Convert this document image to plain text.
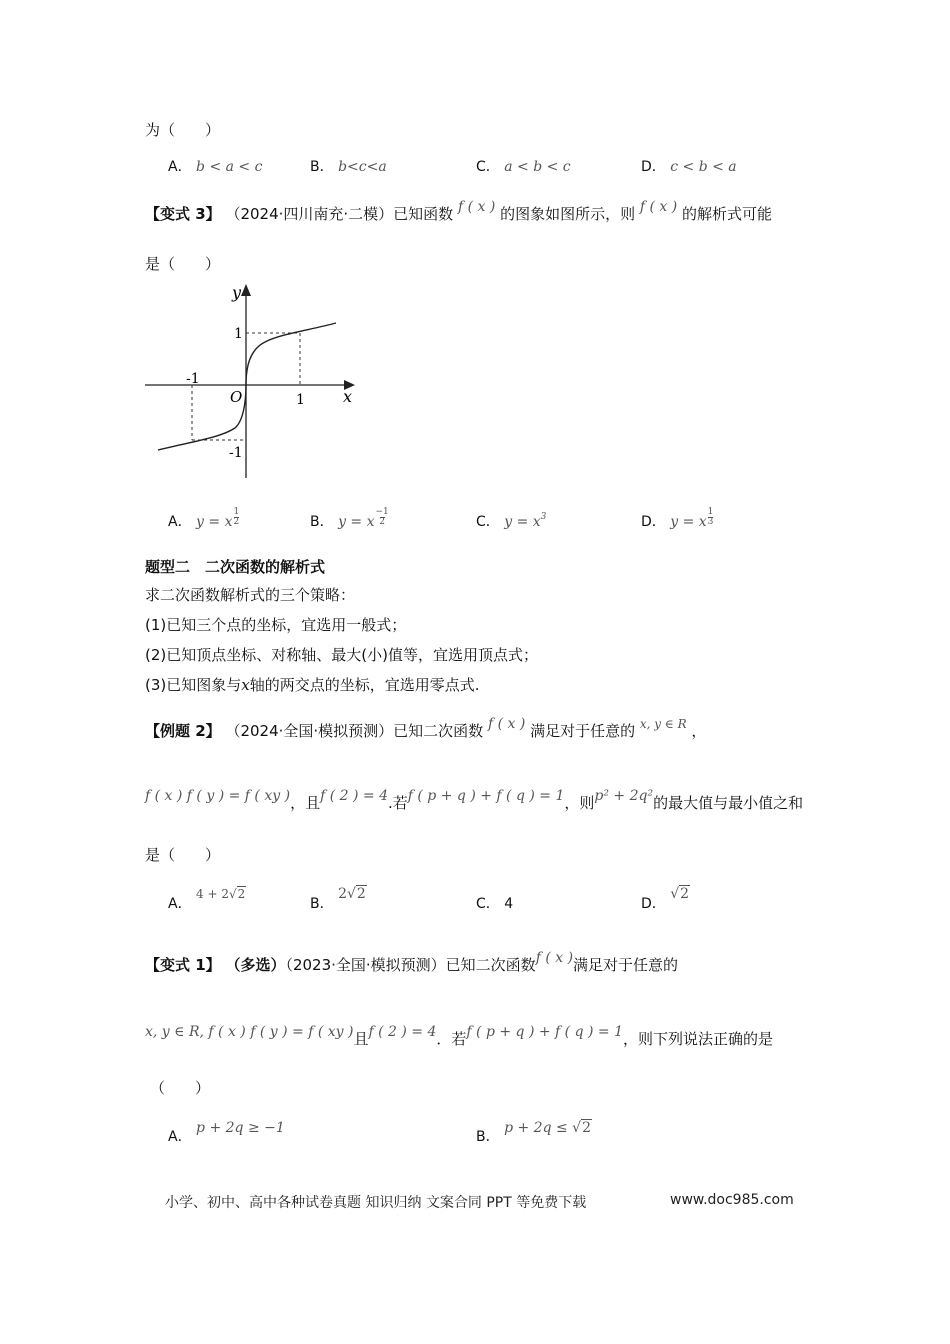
为（　　）
A． b < a < c	B． b<c<a	C． a < b < c	D． c < b < a
【变式 3】 （2024·四川南充·二模）已知函数 f ( x ) 的图象如图所示，则 f ( x ) 的解析式可能
是（　　）
y
x
O
-1
1
1
-1
A． y = x $\frac{1}{2}$	B． y = x $\frac{-1}{2}$	C． $y = x^3$	D． y = x $\frac{1}{3}$
题型二　二次函数的解析式
求二次函数解析式的三个策略：
(1)已知三个点的坐标，宜选用一般式；
(2)已知顶点坐标、对称轴、最大(小)值等，宜选用顶点式；
(3)已知图象与x轴的两交点的坐标，宜选用零点式.
【例题 2】 （2024·全国·模拟预测）已知二次函数 f ( x ) 满足对于任意的 $^{x, y \in R}$ ，
f ( x ) f ( y ) = f ( xy )，且f ( 2 ) = 4.若f ( p + q ) + f ( q ) = 1，则p² + 2q²的最大值与最小值之和
是（　　）
A． 4 + 2√2
B． 2√2
C． 4	D． √2
【变式 1】 （多选）（2023·全国·模拟预测）已知二次函数f ( x )满足对于任意的
x, y ∈ R, f ( x ) f ( y ) = f ( xy )且f ( 2 ) = 4．若f ( p + q ) + f ( q ) = 1，则下列说法正确的是
（　　）
A． p + 2q ≥ −1
B． p + 2q ≤ √2
小学、初中、高中各种试卷真题 知识归纳 文案合同 PPT 等免费下载	www.doc985.com
